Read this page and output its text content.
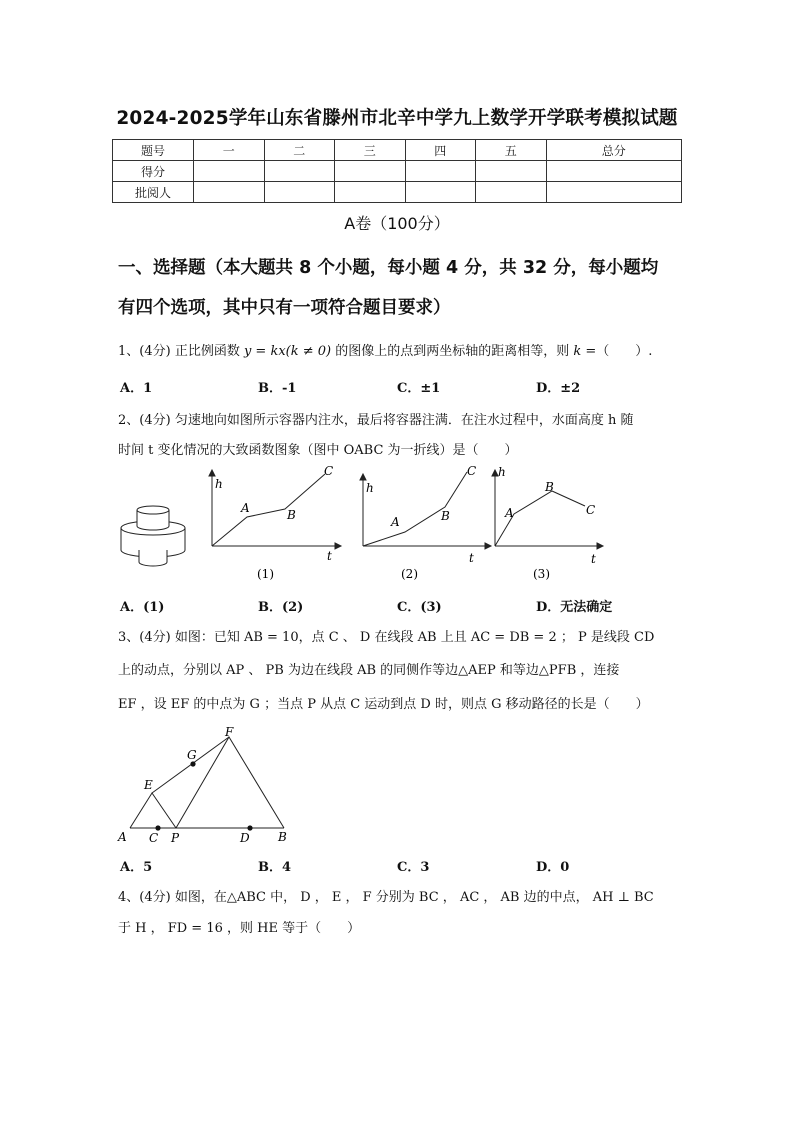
2024-2025学年山东省滕州市北辛中学九上数学开学联考模拟试题
题号	一	二	三	四	五	总分
得分						
批阅人						
A卷（100分）
一、选择题（本大题共 8 个小题，每小题 4 分，共 32 分，每小题均
有四个选项，其中只有一项符合题目要求）
1、(4分) 正比例函数 y = kx(k ≠ 0) 的图像上的点到两坐标轴的距离相等，则 k =（　　）.
A．1	B．-1	C．±1	D．±2
2、(4分) 匀速地向如图所示容器内注水，最后将容器注满．在注水过程中，水面高度 h 随
时间 t 变化情况的大致函数图象（图中 OABC 为一折线）是（　　）
h
t
A	B
C
(1)
h
t
A	B
C
(2)
h
t
A
B
C
(3)
A．(1)	B．(2)	C．(3)	D．无法确定
3、(4分) 如图：已知 AB = 10，点 C 、 D 在线段 AB 上且 AC = DB = 2 ； P 是线段 CD
上的动点，分别以 AP 、 PB 为边在线段 AB 的同侧作等边△AEP 和等边△PFB ，连接
EF ，设 EF 的中点为 G ；当点 P 从点 C 运动到点 D 时，则点 G 移动路径的长是（　　）
A C P	D B
E
F
G
A．5	B．4	C．3	D．0
4、(4分) 如图，在△ABC 中， D ， E ， F 分别为 BC ， AC ， AB 边的中点， AH ⊥ BC
于 H ， FD = 16 ，则 HE 等于（　　）
